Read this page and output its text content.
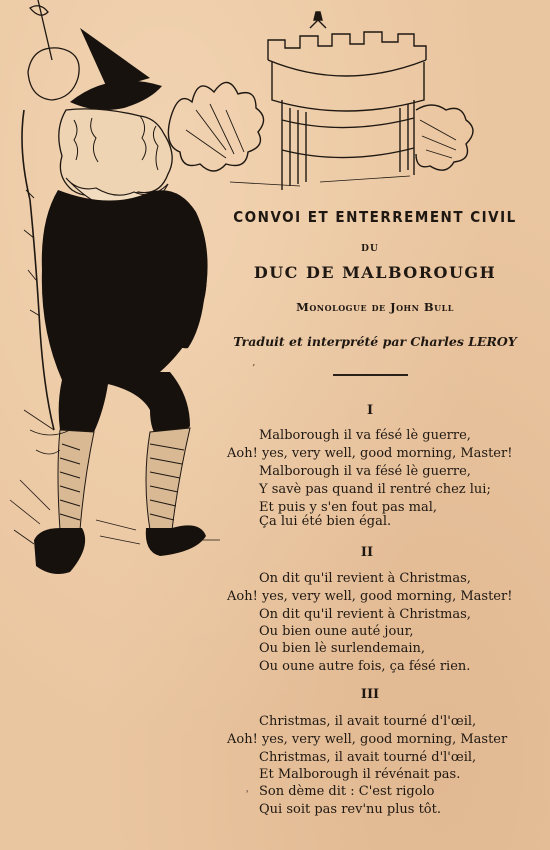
CONVOI ET ENTERREMENT CIVIL
DU
DUC DE MALBOROUGH
Monologue de John Bull
Traduit et interprété par Charles LEROY
I
Malborough il va fésé lè guerre,
Aoh! yes, very well, good morning, Master!
Malborough il va fésé lè guerre,
Y savè pas quand il rentré chez lui;
Et puis y s'en fout pas mal,
Ça lui été bien égal.
II
On dit qu'il revient à Christmas,
Aoh! yes, very well, good morning, Master!
On dit qu'il revient à Christmas,
Ou bien oune auté jour,
Ou bien lè surlendemain,
Ou oune autre fois, ça fésé rien.
III
Christmas, il avait tourné d'l'œil,
Aoh! yes, very well, good morning, Master
Christmas, il avait tourné d'l'œil,
Et Malborough il révénait pas.
Son dème dit : C'est rigolo
Qui soit pas rev'nu plus tôt.
ʼ
ʾ
